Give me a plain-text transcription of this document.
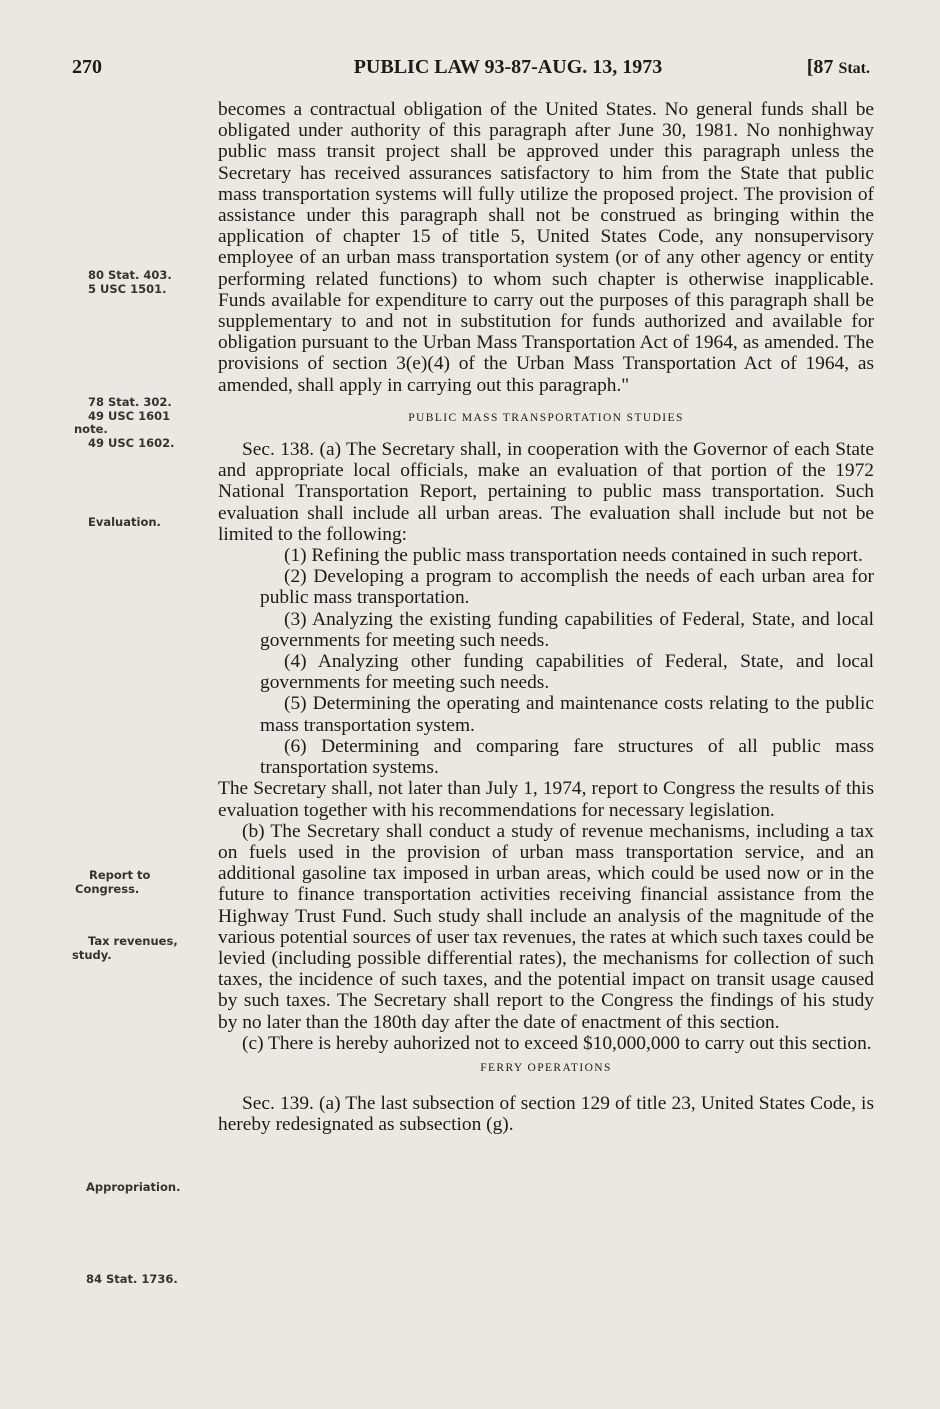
270	PUBLIC LAW 93-87-AUG. 13, 1973	[87 Stat.
80 Stat. 403.
5 USC 1501.
78 Stat. 302.
49 USC 1601
note.
49 USC 1602.
Evaluation.
Report to
Congress.
Tax revenues,
study.
Appropriation.
84 Stat. 1736.

becomes a contractual obligation of the United States. No general funds shall be obligated under authority of this paragraph after June 30, 1981. No nonhighway public mass transit project shall be approved under this paragraph unless the Secretary has received assurances satisfactory to him from the State that public mass transportation systems will fully utilize the proposed project. The provision of assistance under this paragraph shall not be construed as bringing within the application of chapter 15 of title 5, United States Code, any nonsupervisory employee of an urban mass transportation system (or of any other agency or entity performing related functions) to whom such chapter is otherwise inapplicable. Funds available for expenditure to carry out the purposes of this paragraph shall be supplementary to and not in substitution for funds authorized and available for obligation pursuant to the Urban Mass Transportation Act of 1964, as amended. The provisions of section 3(e)(4) of the Urban Mass Transportation Act of 1964, as amended, shall apply in carrying out this paragraph."

PUBLIC MASS TRANSPORTATION STUDIES

Sec. 138. (a) The Secretary shall, in cooperation with the Governor of each State and appropriate local officials, make an evaluation of that portion of the 1972 National Transportation Report, pertaining to public mass transportation. Such evaluation shall include all urban areas. The evaluation shall include but not be limited to the following:

(1) Refining the public mass transportation needs contained in such report.

(2) Developing a program to accomplish the needs of each urban area for public mass transportation.

(3) Analyzing the existing funding capabilities of Federal, State, and local governments for meeting such needs.

(4) Analyzing other funding capabilities of Federal, State, and local governments for meeting such needs.

(5) Determining the operating and maintenance costs relating to the public mass transportation system.

(6) Determining and comparing fare structures of all public mass transportation systems.

The Secretary shall, not later than July 1, 1974, report to Congress the results of this evaluation together with his recommendations for necessary legislation.

(b) The Secretary shall conduct a study of revenue mechanisms, including a tax on fuels used in the provision of urban mass transportation service, and an additional gasoline tax imposed in urban areas, which could be used now or in the future to finance transportation activities receiving financial assistance from the Highway Trust Fund. Such study shall include an analysis of the magnitude of the various potential sources of user tax revenues, the rates at which such taxes could be levied (including possible differential rates), the mechanisms for collection of such taxes, the incidence of such taxes, and the potential impact on transit usage caused by such taxes. The Secretary shall report to the Congress the findings of his study by no later than the 180th day after the date of enactment of this section.

(c) There is hereby auhorized not to exceed $10,000,000 to carry out this section.

FERRY OPERATIONS

Sec. 139. (a) The last subsection of section 129 of title 23, United States Code, is hereby redesignated as subsection (g).
